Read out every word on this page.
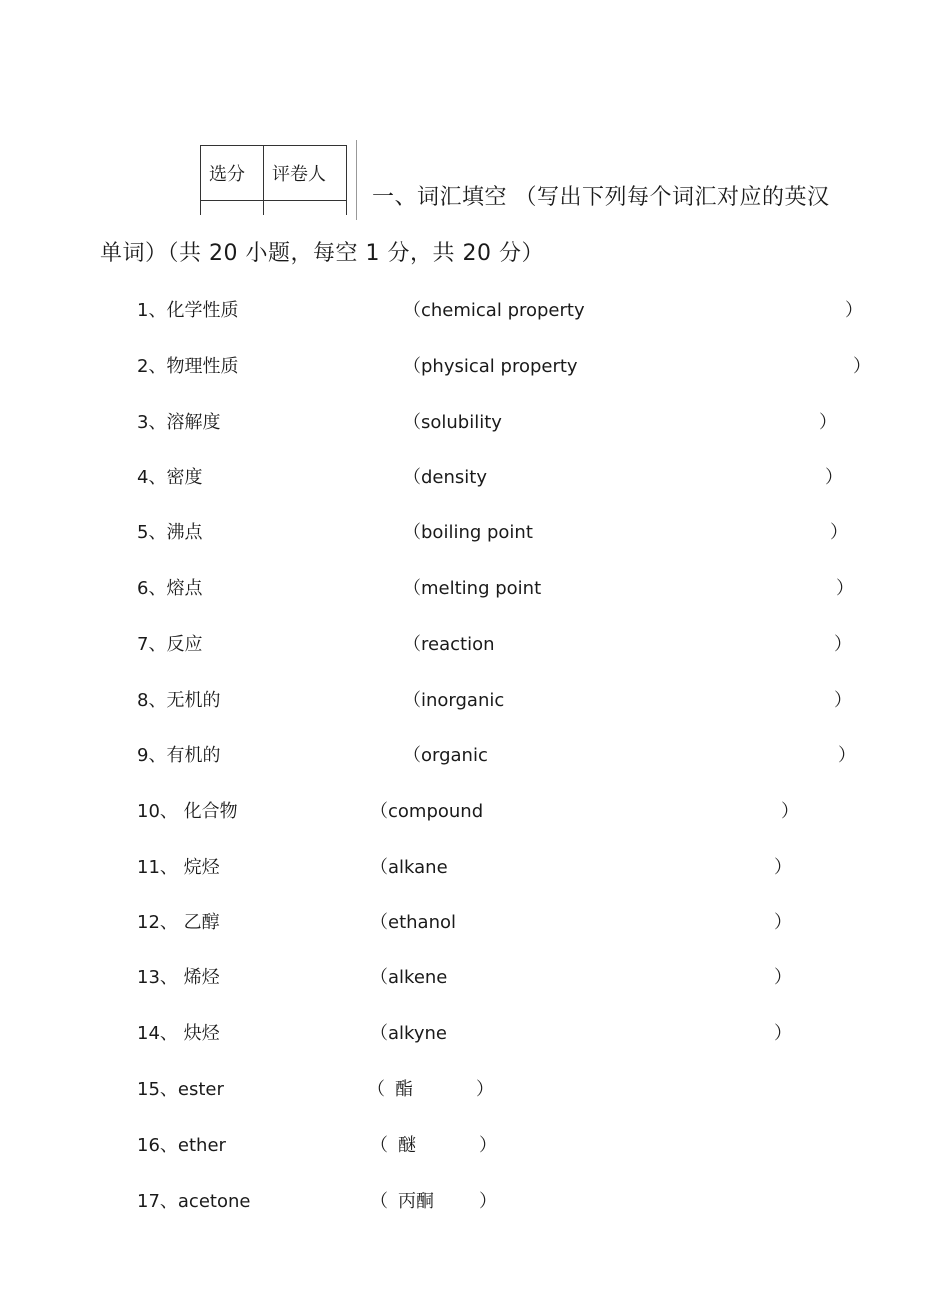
选分	评卷人

一、词汇填空 （写出下列每个词汇对应的英汉
单词）（共 20 小题，每空 1 分，共 20 分）
1、化学性质	（chemical property	）
2、物理性质	（physical property	）
3、溶解度	（solubility	）
4、密度	（density	）
5、沸点	（boiling point	）
6、熔点	（melting point	）
7、反应	（reaction	）
8、无机的	（inorganic	）
9、有机的	（organic	）
10、 化合物	（compound	）
11、 烷烃	（alkane	）
12、 乙醇	（ethanol	）
13、 烯烃	（alkene	）
14、 炔烃	（alkyne	）
15、ester	（ 酯	）
16、ether	（ 醚	）
17、acetone	（ 丙酮	）
